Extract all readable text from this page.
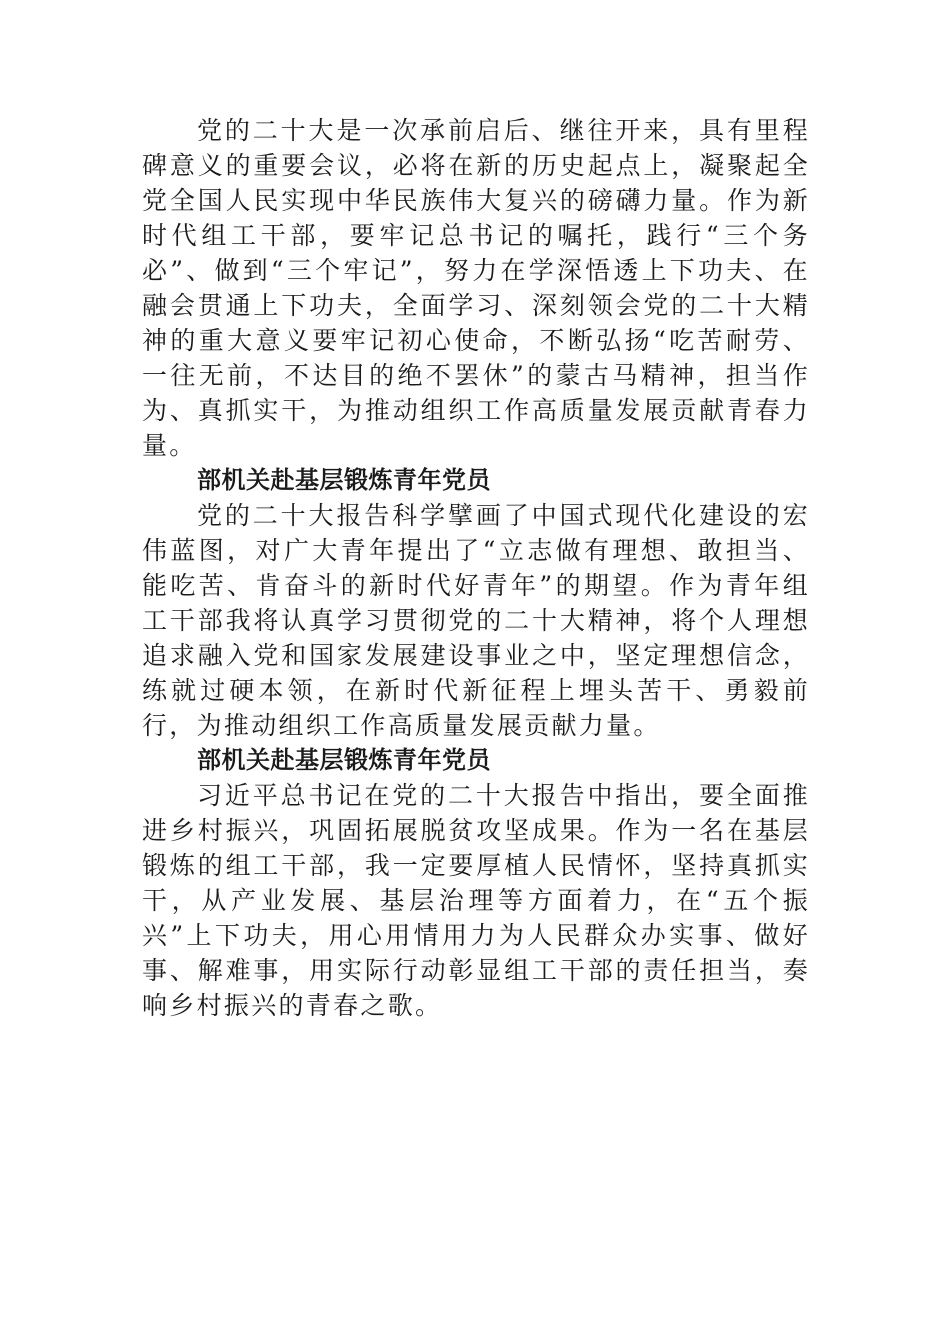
党的二十大是一次承前启后、继往开来，具有里程碑意义的重要会议，必将在新的历史起点上，凝聚起全党全国人民实现中华民族伟大复兴的磅礴力量。作为新时代组工干部，要牢记总书记的嘱托，践行“三个务必”、做到“三个牢记”，努力在学深悟透上下功夫、在融会贯通上下功夫，全面学习、深刻领会党的二十大精神的重大意义要牢记初心使命，不断弘扬“吃苦耐劳、一往无前，不达目的绝不罢休”的蒙古马精神，担当作为、真抓实干，为推动组织工作高质量发展贡献青春力量。

部机关赴基层锻炼青年党员

党的二十大报告科学擘画了中国式现代化建设的宏伟蓝图，对广大青年提出了“立志做有理想、敢担当、能吃苦、肯奋斗的新时代好青年”的期望。作为青年组工干部我将认真学习贯彻党的二十大精神，将个人理想追求融入党和国家发展建设事业之中，坚定理想信念，练就过硬本领，在新时代新征程上埋头苦干、勇毅前行，为推动组织工作高质量发展贡献力量。

部机关赴基层锻炼青年党员

习近平总书记在党的二十大报告中指出，要全面推进乡村振兴，巩固拓展脱贫攻坚成果。作为一名在基层锻炼的组工干部，我一定要厚植人民情怀，坚持真抓实干，从产业发展、基层治理等方面着力，在“五个振兴”上下功夫，用心用情用力为人民群众办实事、做好事、解难事，用实际行动彰显组工干部的责任担当，奏响乡村振兴的青春之歌。
